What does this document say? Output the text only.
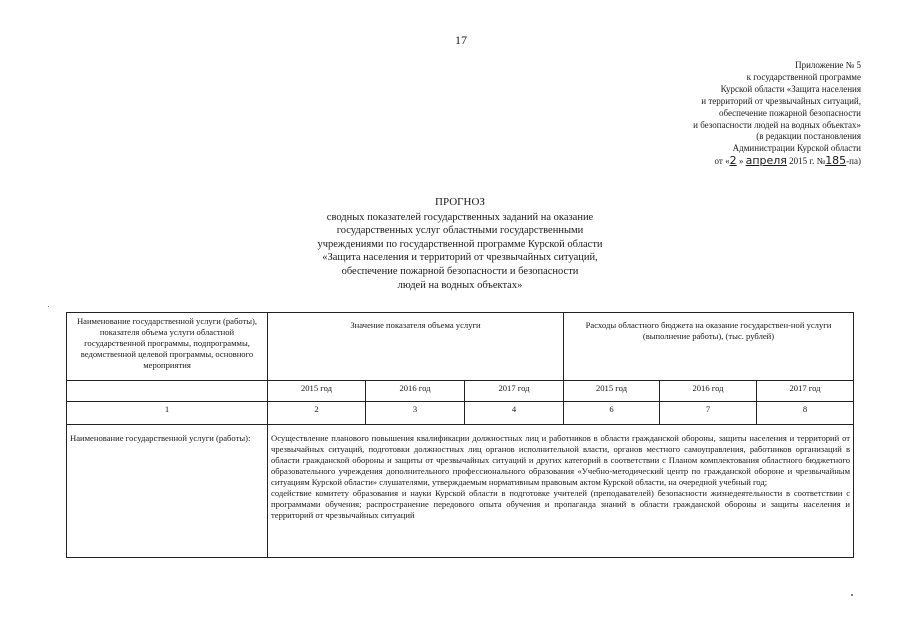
17
Приложение № 5
к государственной программе
Курской области «Защита населения
и территорий от чрезвычайных ситуаций,
обеспечение пожарной безопасности
и безопасности людей на водных объектах»
(в редакции постановления
Администрации Курской области
от «2 » апреля 2015 г. №185-па)
ПРОГНОЗ
сводных показателей государственных заданий на оказание
государственных услуг областными государственными
учреждениями по государственной программе Курской области
«Защита населения и территорий от чрезвычайных ситуаций,
обеспечение пожарной безопасности и безопасности
людей на водных объектах»
Наименование государственной услуги (работы), показателя объема услуги областной государственной программы, подпрограммы, ведомственной целевой программы, основного мероприятия	Значение показателя объема услуги			Расходы областного бюджета на оказание государствен-ной услуги (выполнение работы), (тыс. рублей)		
	2015 год	2016 год	2017 год	2015 год	2016 год	2017 год
1	2	3	4	6	7	8
Наименование государственной услуги (работы):	Осуществление планового повышения квалификации должностных лиц и работников в области гражданской обороны, защиты населения и территорий от чрезвычайных ситуаций, подготовки должностных лиц органов исполнительной власти, органов местного самоуправления, работников организаций в области гражданской обороны и защиты от чрезвычайных ситуаций и других категорий в соответствии с Планом комплектования областного бюджетного образовательного учреждения дополнительного профессионального образования «Учебно-методический центр по гражданской обороне и чрезвычайным ситуациям Курской области» слушателями, утверждаемым нормативным правовым актом Курской области, на очередной учебный год;
содействие комитету образования и науки Курской области в подготовке учителей (преподавателей) безопасности жизнедеятельности в соответствии с программами обучения; распространение передового опыта обучения и пропаганда знаний в области гражданской обороны и защиты населения и территорий от чрезвычайных ситуаций					
